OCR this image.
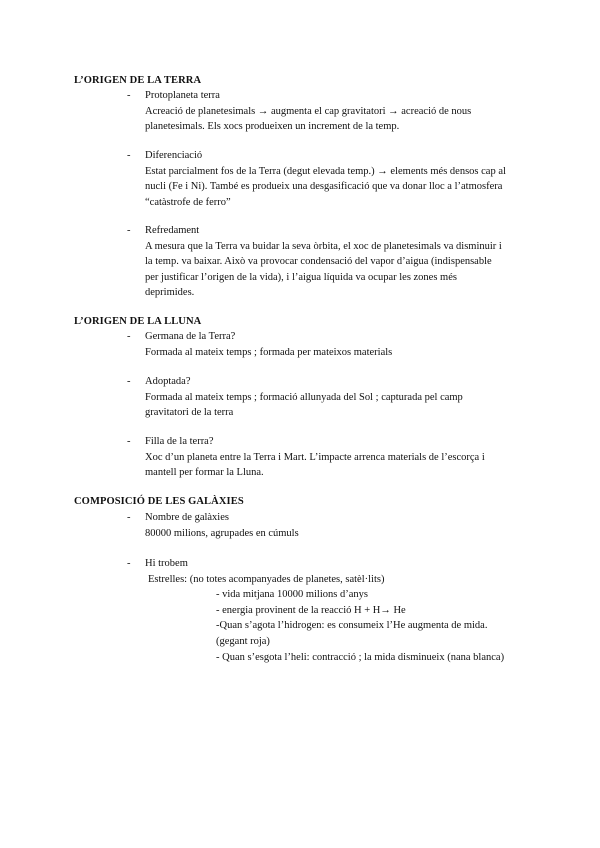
L’ORIGEN DE LA TERRA
- Protoplaneta terra
Acreació de planetesimals → augmenta el cap gravitatori → acreació de nous
planetesimals. Els xocs produeixen un increment de la temp.
- Diferenciació
Estat parcialment fos de la Terra (degut elevada temp.) → elements més densos cap al
nucli (Fe i Ni). També es produeix una desgasificació que va donar lloc a l’atmosfera
“catàstrofe de ferro”
- Refredament
A mesura que la Terra va buidar la seva òrbita, el xoc de planetesimals va disminuir i
la temp. va baixar. Això va provocar condensació del vapor d’aigua (indispensable
per justificar l’origen de la vida), i l’aigua líquida va ocupar les zones més
deprimides.
L’ORIGEN DE LA LLUNA
- Germana de la Terra?
Formada al mateix temps ; formada per mateixos materials
- Adoptada?
Formada al mateix temps ; formació allunyada del Sol ; capturada pel camp
gravitatori de la terra
- Filla de la terra?
Xoc d’un planeta entre la Terra i Mart. L’impacte arrenca materials de l’escorça i
mantell per formar la Lluna.
COMPOSICIÓ DE LES GALÀXIES
- Nombre de galàxies
80000 milions, agrupades en cúmuls
- Hi trobem
Estrelles: (no totes acompanyades de planetes, satèl·lits)
- vida mitjana 10000 milions d’anys
- energia provinent de la reacció H + H→ He
-Quan s’agota l’hidrogen: es consumeix l’He augmenta de mida.
(gegant roja)
- Quan s’esgota l’heli: contracció ; la mida disminueix (nana blanca)
